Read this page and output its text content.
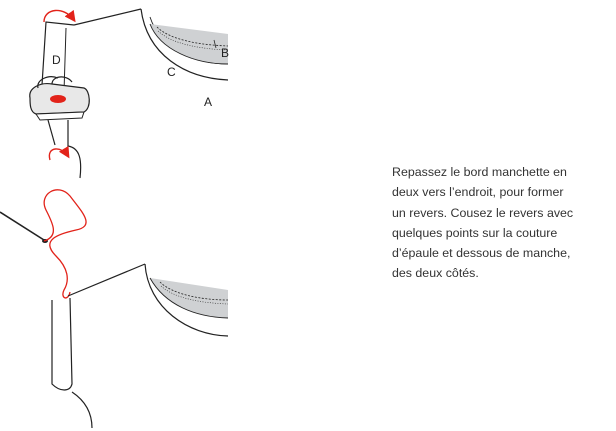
A
B
C
D
Repassez le bord manchette en
deux vers l’endroit, pour former
un revers. Cousez le revers avec
quelques points sur la couture
d’épaule et dessous de manche,
des deux côtés.
